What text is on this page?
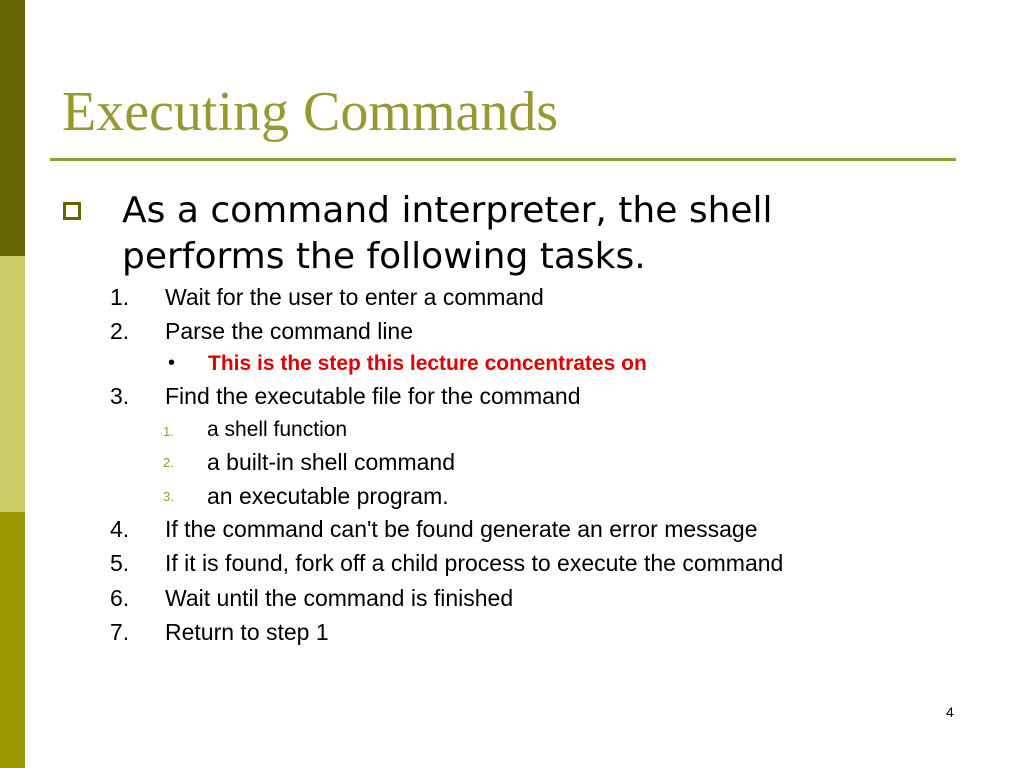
Executing Commands
As a command interpreter, the shell performs the following tasks.
1. Wait for the user to enter a command
2. Parse the command line
• This is the step this lecture concentrates on
3. Find the executable file for the command
1. a shell function
2. a built-in shell command
3. an executable program.
4. If the command can't be found generate an error message
5. If it is found, fork off a child process to execute the command
6. Wait until the command is finished
7. Return to step 1
4
